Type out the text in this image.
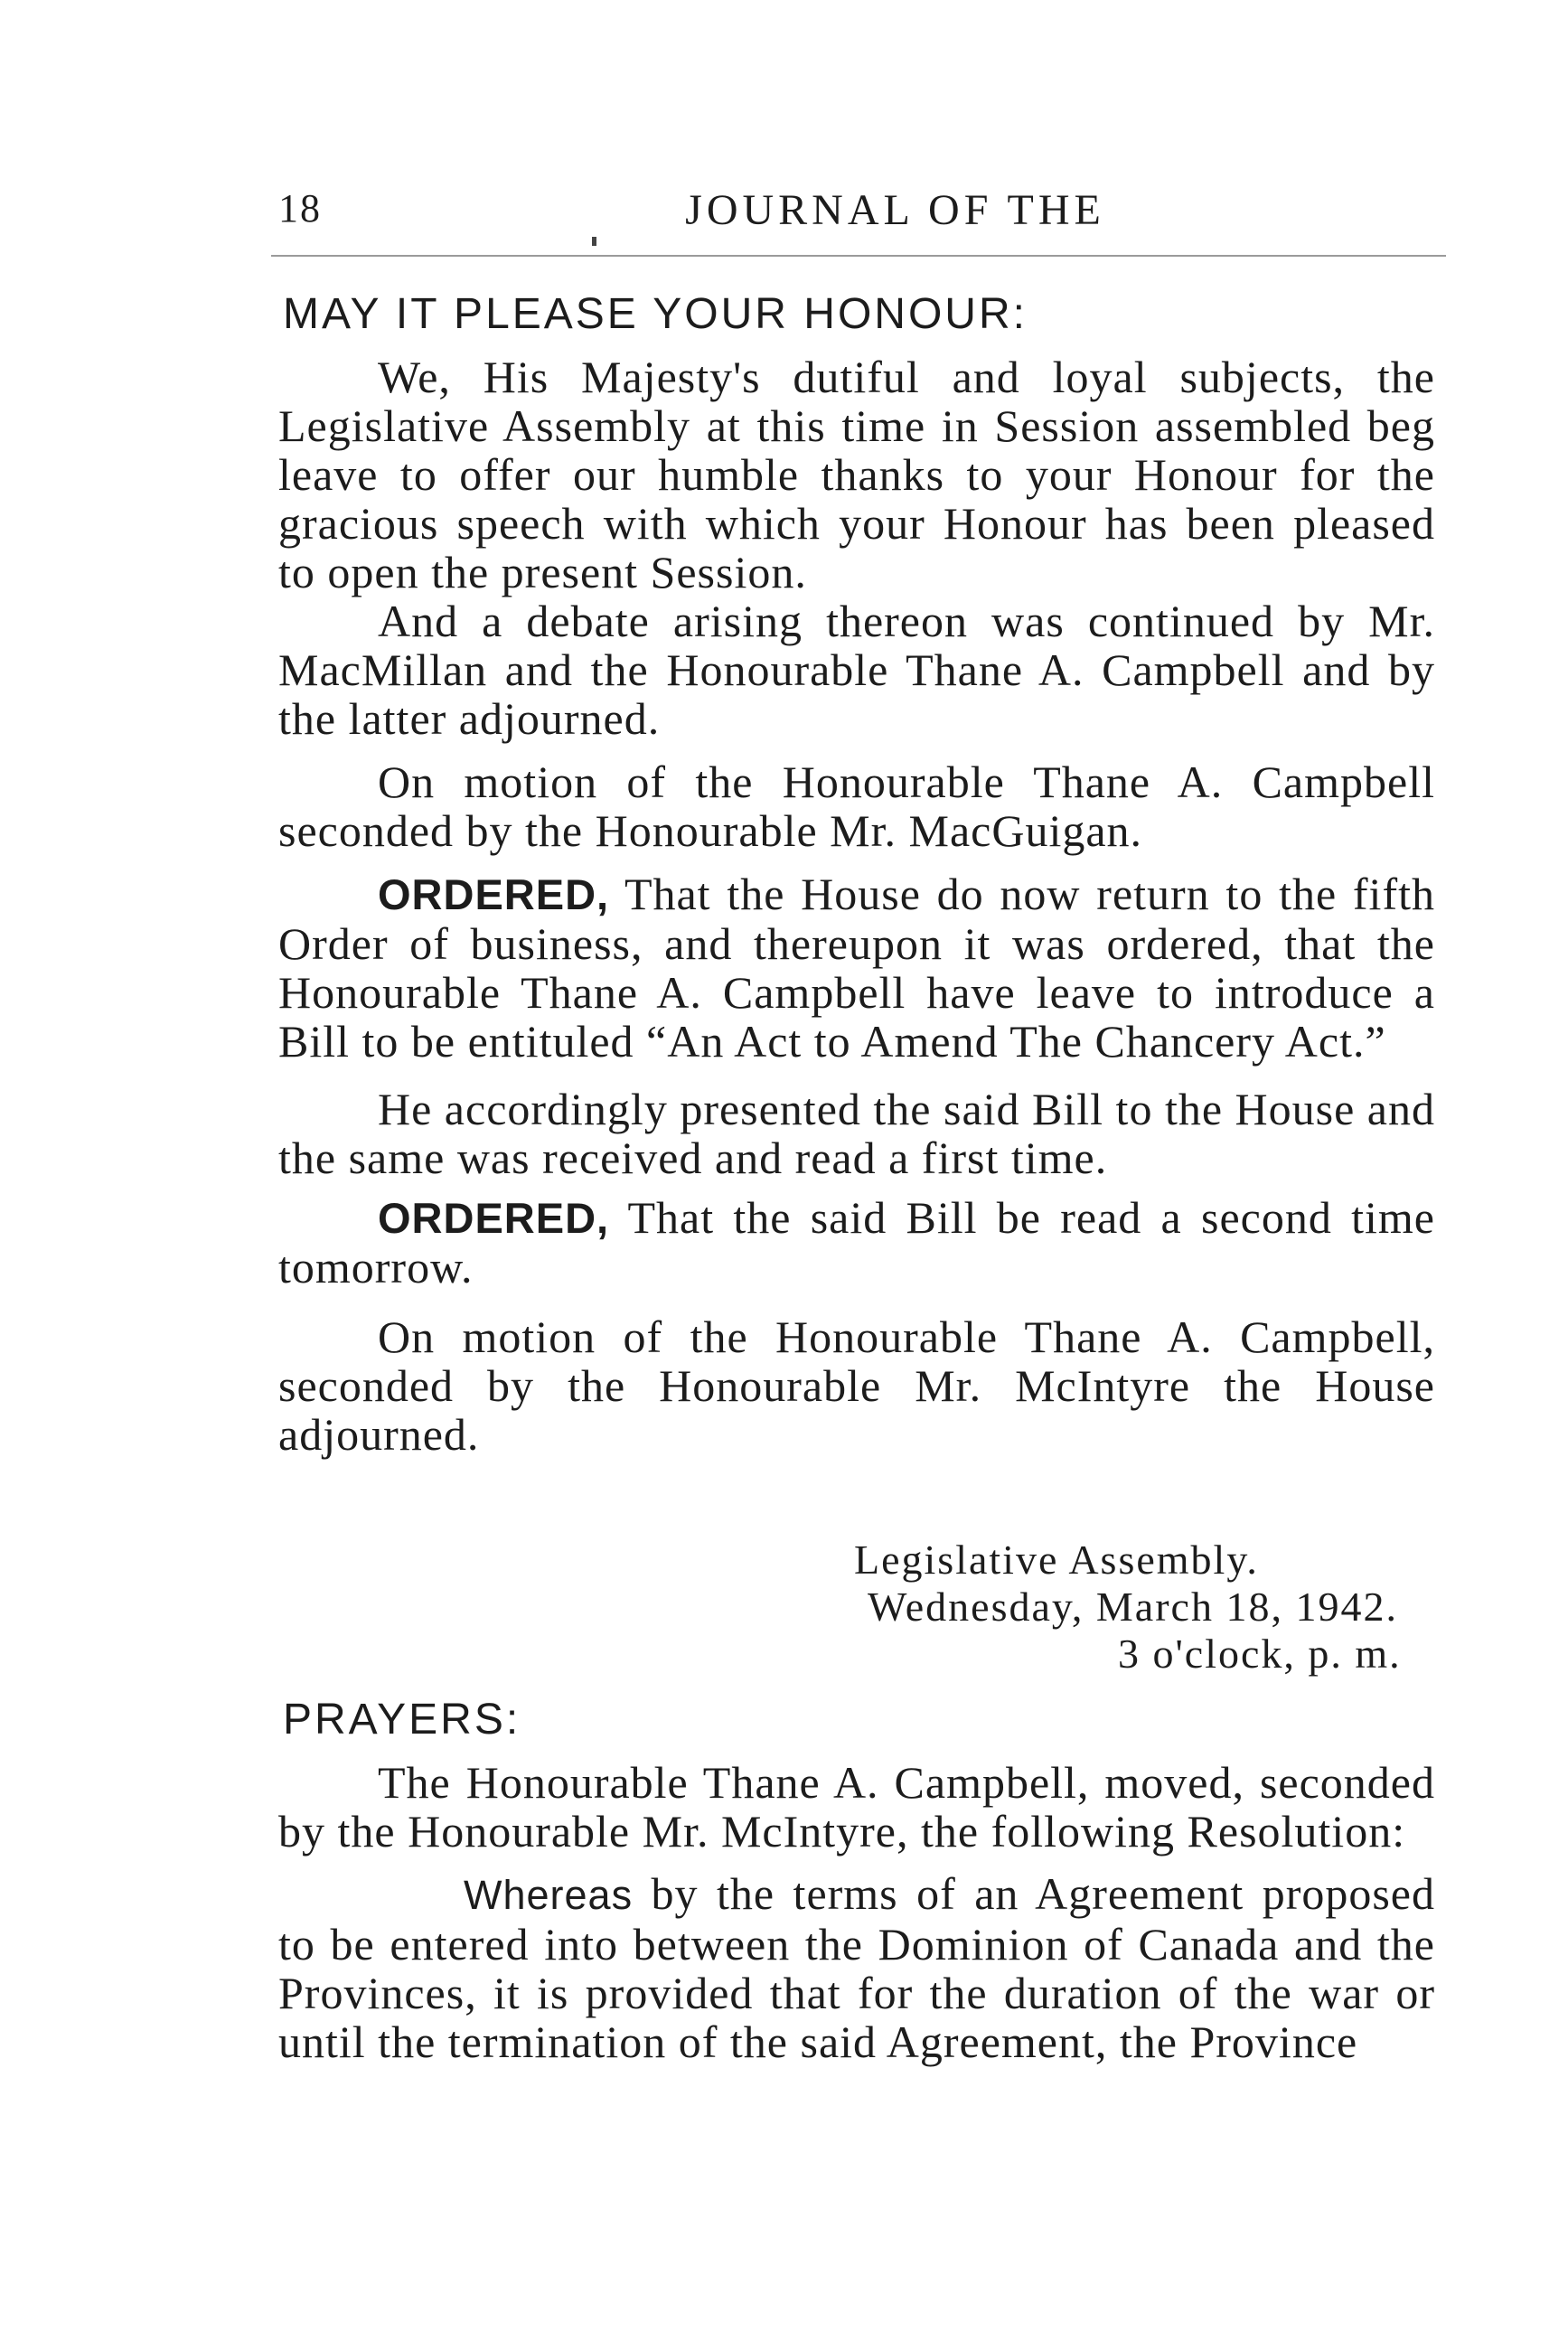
18	JOURNAL OF THE
MAY IT PLEASE YOUR HONOUR:

We, His Majesty's dutiful and loyal subjects, the Legislative Assembly at this time in Session assembled beg leave to offer our humble thanks to your Honour for the gracious speech with which your Honour has been pleased to open the present Session.

And a debate arising thereon was continued by Mr. MacMillan and the Honourable Thane A. Campbell and by the latter adjourned.

On motion of the Honourable Thane A. Campbell seconded by the Honourable Mr. MacGuigan.

ORDERED, That the House do now return to the fifth Order of business, and thereupon it was ordered, that the Honourable Thane A. Campbell have leave to introduce a Bill to be entituled “An Act to Amend The Chancery Act.”

He accordingly presented the said Bill to the House and the same was received and read a first time.

ORDERED, That the said Bill be read a second time tomorrow.

On motion of the Honourable Thane A. Campbell, seconded by the Honourable Mr. McIntyre the House adjourned.

Legislative Assembly.
Wednesday, March 18, 1942.
3 o'clock, p. m.
PRAYERS:

The Honourable Thane A. Campbell, moved, seconded by the Honourable Mr. McIntyre, the following Resolution:

Whereas by the terms of an Agreement proposed to be entered into between the Dominion of Canada and the Provinces, it is provided that for the duration of the war or until the termination of the said Agreement, the Province
